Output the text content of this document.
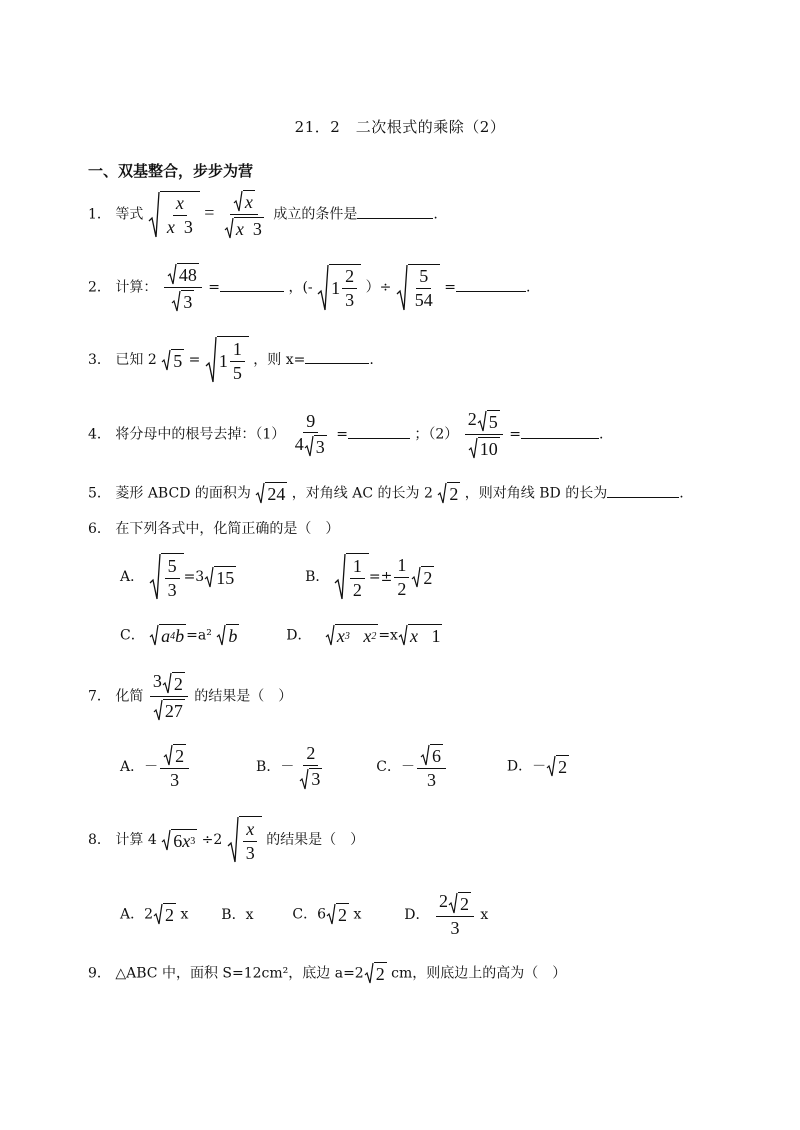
21．2　二次根式的乘除（2）
一、双基整合，步步为营
1． 等式 $\frac{x}{x 3} = x$
x
3 成立的条件是	.
2． 计算： $\frac{48}{3}$ =	，(- $1 \frac{2}{3}$ ）÷ $\frac{5}{54}$ =	.
3． 已知 2 $5 = 1 \frac{1}{5}$ ，则 x=	.
4． 将分母中的根号去掉：$(1) \frac{9}{4 3}$ =	；$(2) \frac{2 5}{10}$ =	.
5． 菱形 ABCD 的面积为 24 ，对角线 AC 的长为 2 2 ，则对角线 BD 的长为	.
6． 在下列各式中，化简正确的是（　）
A． $\frac{5}{3} =3$ 15	B． $\frac{1}{2} =\pm \frac{1}{2} 2$
C． a 4 b =a² b	D． x 3
x 2 =x x
1
7． 化简 $\frac{3 2}{27}$ 的结果是（　）
A．－ $\frac{2}{3}$	B．－ $\frac{2}{3}$	C．－ $\frac{6}{3}$	D．－ 2
8． 计算 4 6 x $3 \div 2 \frac{x}{3}$ 的结果是（　）
A．2 2 x B．x	C．6 2 x	D． $\frac{2 2}{3}$ x
9． △ABC 中，面积 S=12cm²，底边 a=2 2 cm，则底边上的高为（　）
